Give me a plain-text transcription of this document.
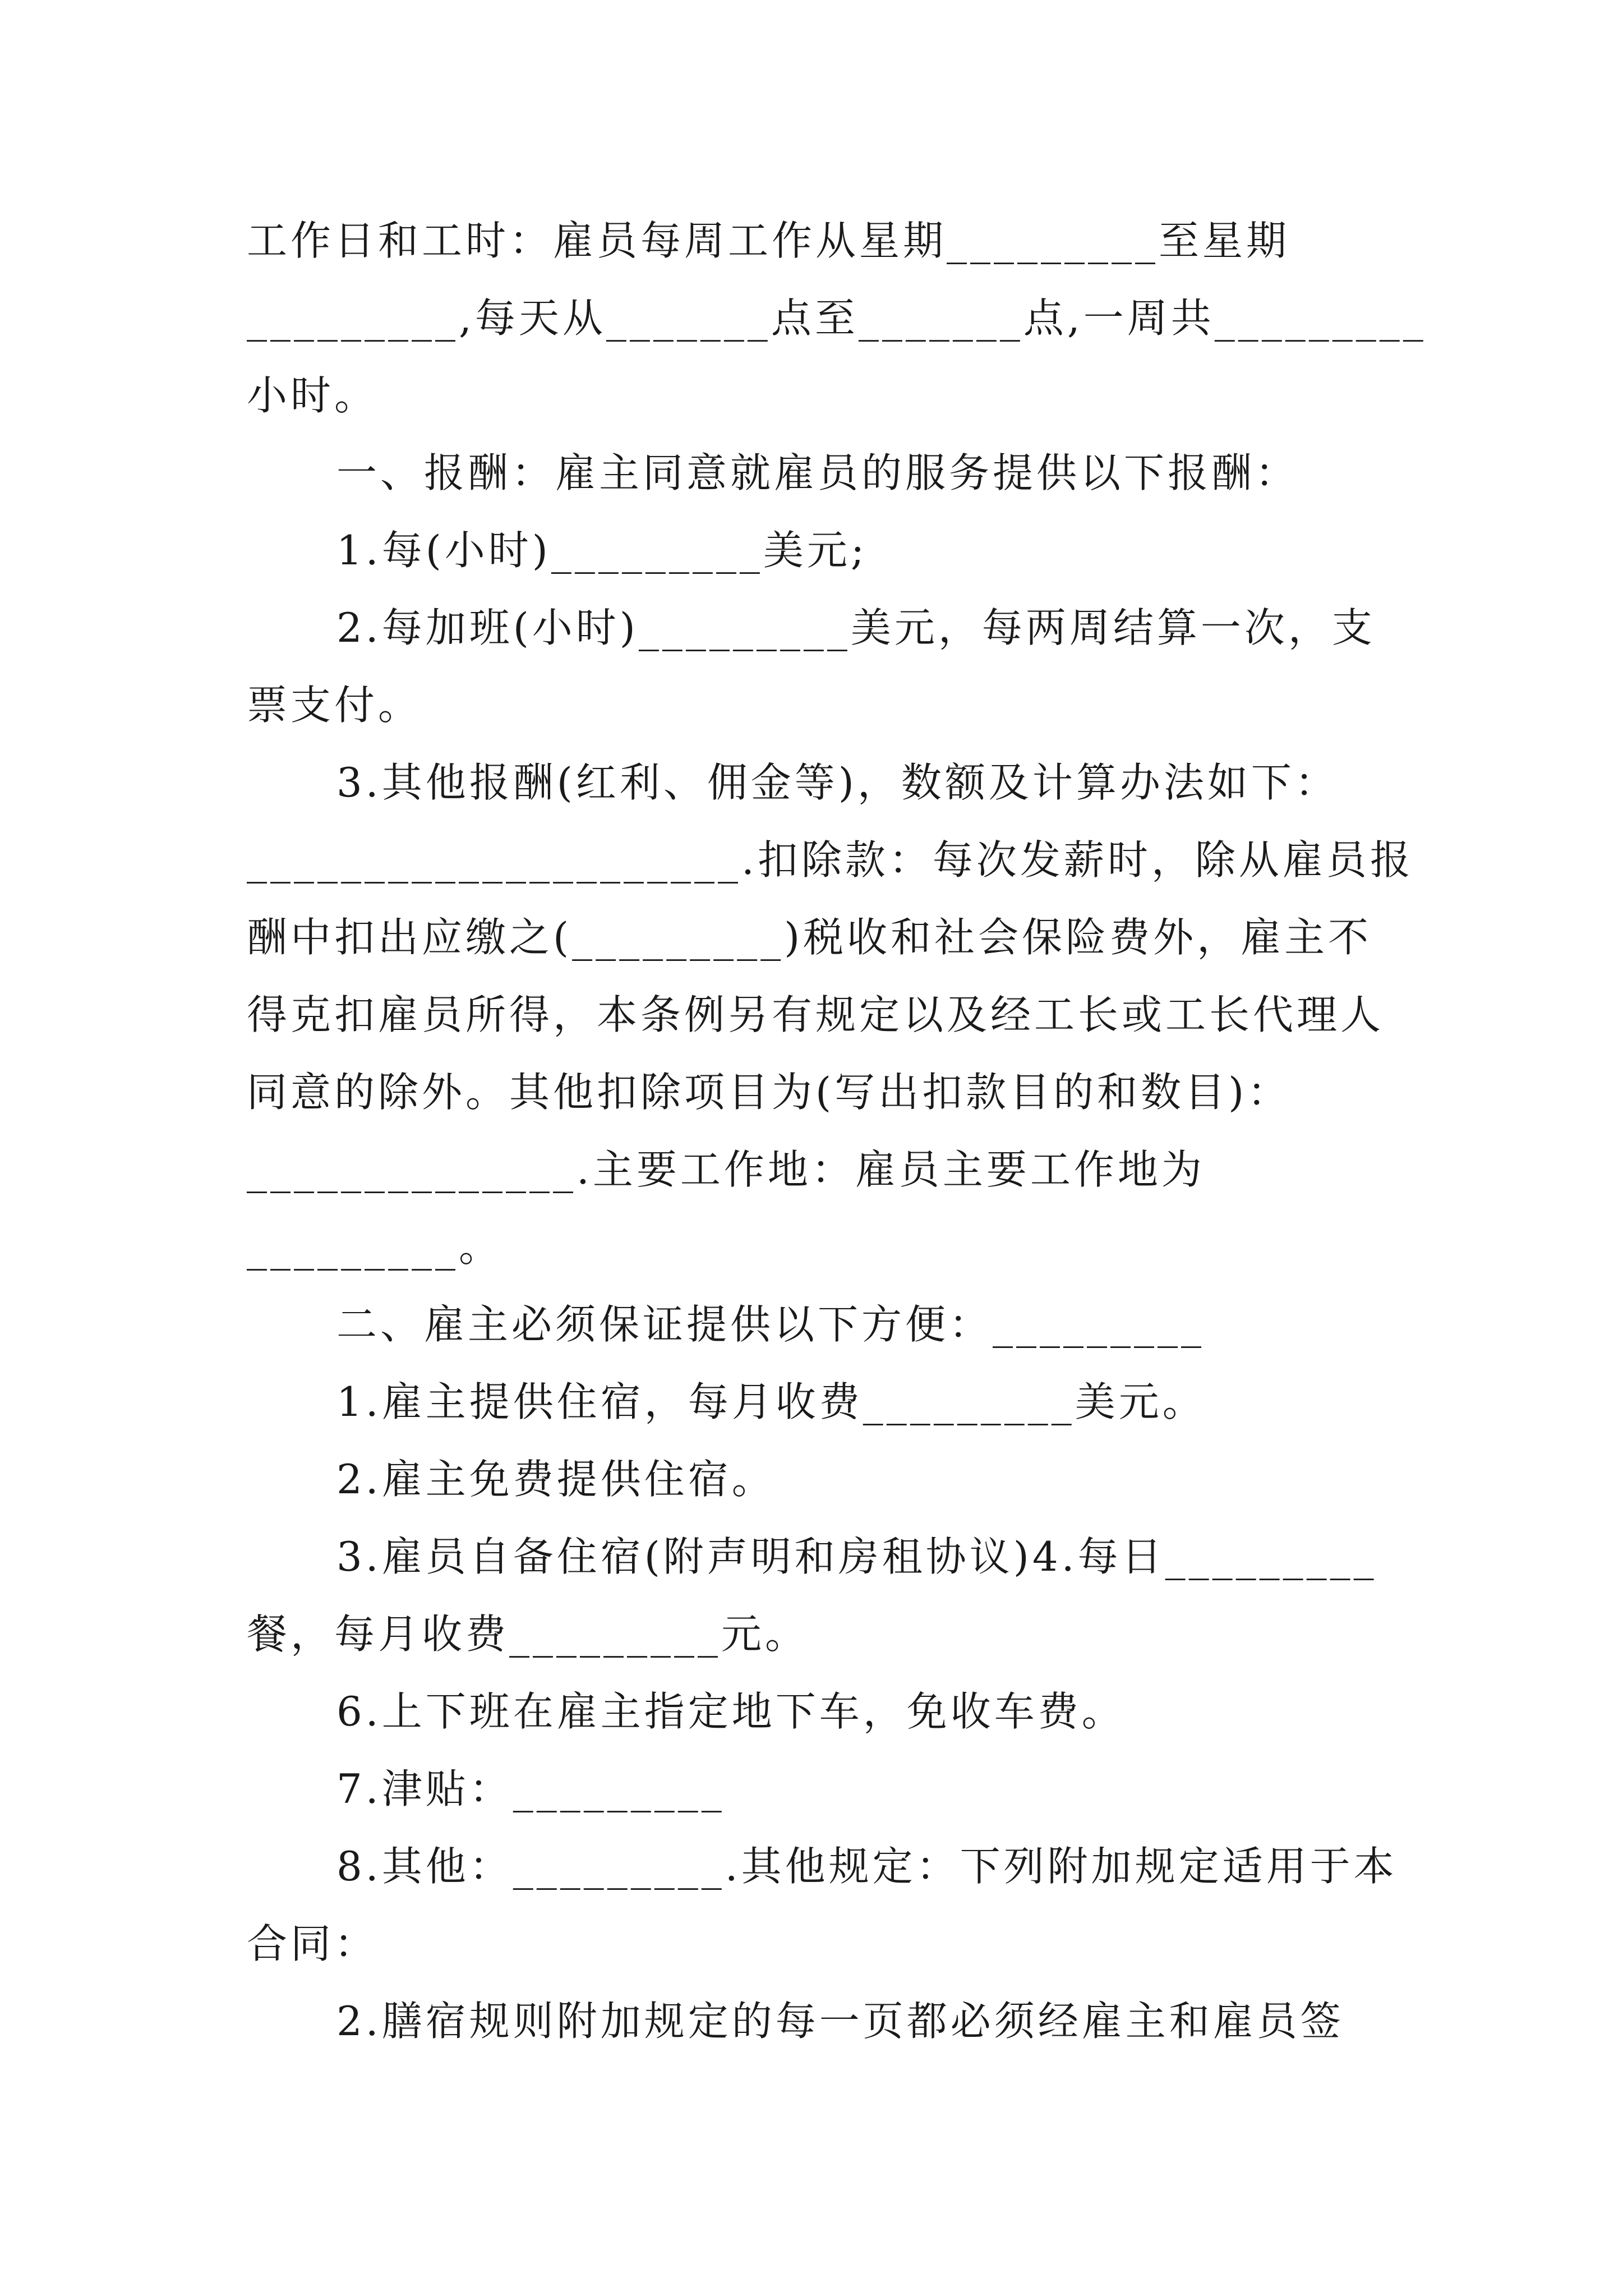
工作日和工时：雇员每周工作从星期_________至星期
_________,每天从_______点至_______点,一周共_________
小时。
一、报酬：雇主同意就雇员的服务提供以下报酬：
1.每(小时)_________美元;
2.每加班(小时)_________美元，每两周结算一次，支
票支付。
3.其他报酬(红利、佣金等)，数额及计算办法如下：
_____________________.扣除款：每次发薪时，除从雇员报
酬中扣出应缴之(_________)税收和社会保险费外，雇主不
得克扣雇员所得，本条例另有规定以及经工长或工长代理人
同意的除外。其他扣除项目为(写出扣款目的和数目)：
______________.主要工作地：雇员主要工作地为
_________。
二、雇主必须保证提供以下方便：_________
1.雇主提供住宿，每月收费_________美元。
2.雇主免费提供住宿。
3.雇员自备住宿(附声明和房租协议)4.每日_________
餐，每月收费_________元。
6.上下班在雇主指定地下车，免收车费。
7.津贴：_________
8.其他：_________.其他规定：下列附加规定适用于本
合同：
2.膳宿规则附加规定的每一页都必须经雇主和雇员签
